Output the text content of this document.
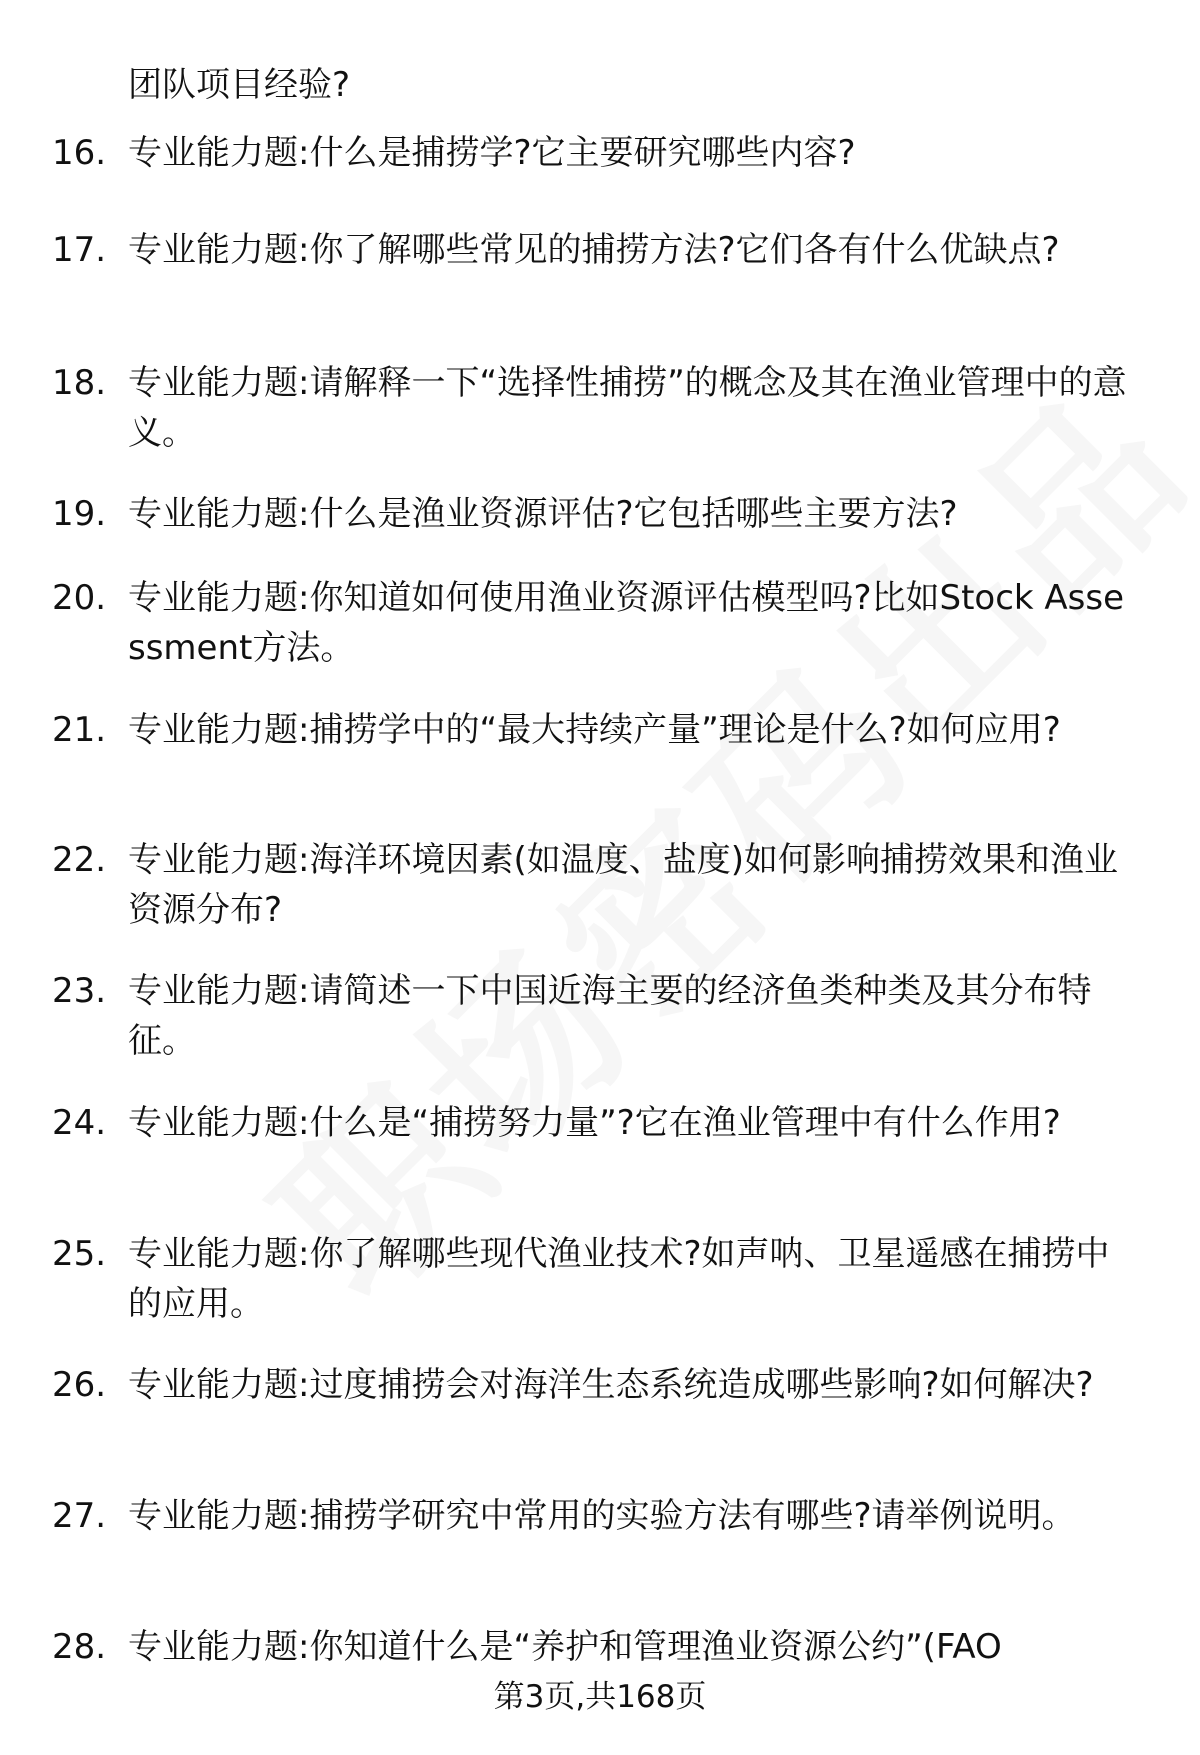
团队项目经验?
16. 专业能力题:什么是捕捞学?它主要研究哪些内容?
17. 专业能力题:你了解哪些常见的捕捞方法?它们各有什么优缺点?
18. 专业能力题:请解释一下“选择性捕捞”的概念及其在渔业管理中的意义。
19. 专业能力题:什么是渔业资源评估?它包括哪些主要方法?
20. 专业能力题:你知道如何使用渔业资源评估模型吗?比如Stock Assessment方法。
21. 专业能力题:捕捞学中的“最大持续产量”理论是什么?如何应用?
22. 专业能力题:海洋环境因素(如温度、盐度)如何影响捕捞效果和渔业资源分布?
23. 专业能力题:请简述一下中国近海主要的经济鱼类种类及其分布特征。
24. 专业能力题:什么是“捕捞努力量”?它在渔业管理中有什么作用?
25. 专业能力题:你了解哪些现代渔业技术?如声呐、卫星遥感在捕捞中的应用。
26. 专业能力题:过度捕捞会对海洋生态系统造成哪些影响?如何解决?
27. 专业能力题:捕捞学研究中常用的实验方法有哪些?请举例说明。
28. 专业能力题:你知道什么是“养护和管理渔业资源公约”(FAO
第3页,共168页
